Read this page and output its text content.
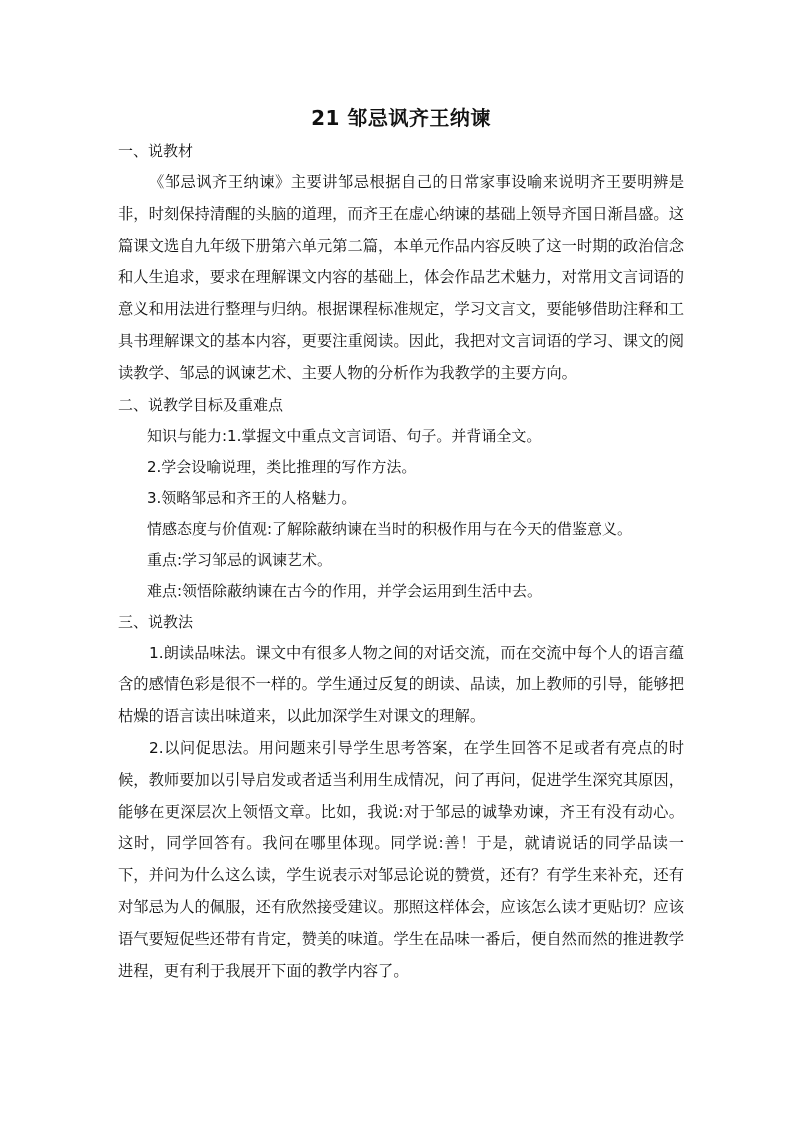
21 邹忌讽齐王纳谏
一、说教材

《邹忌讽齐王纳谏》主要讲邹忌根据自己的日常家事设喻来说明齐王要明辨是非，时刻保持清醒的头脑的道理，而齐王在虚心纳谏的基础上领导齐国日渐昌盛。这篇课文选自九年级下册第六单元第二篇，本单元作品内容反映了这一时期的政治信念和人生追求，要求在理解课文内容的基础上，体会作品艺术魅力，对常用文言词语的意义和用法进行整理与归纳。根据课程标准规定，学习文言文，要能够借助注释和工具书理解课文的基本内容，更要注重阅读。因此，我把对文言词语的学习、课文的阅读教学、邹忌的讽谏艺术、主要人物的分析作为我教学的主要方向。

二、说教学目标及重难点
知识与能力:1.掌握文中重点文言词语、句子。并背诵全文。
2.学会设喻说理，类比推理的写作方法。
3.领略邹忌和齐王的人格魅力。
情感态度与价值观:了解除蔽纳谏在当时的积极作用与在今天的借鉴意义。
重点:学习邹忌的讽谏艺术。
难点:领悟除蔽纳谏在古今的作用，并学会运用到生活中去。
三、说教法

1.朗读品味法。课文中有很多人物之间的对话交流，而在交流中每个人的语言蕴含的感情色彩是很不一样的。学生通过反复的朗读、品读，加上教师的引导，能够把枯燥的语言读出味道来，以此加深学生对课文的理解。

2.以问促思法。用问题来引导学生思考答案，在学生回答不足或者有亮点的时候，教师要加以引导启发或者适当利用生成情况，问了再问，促进学生深究其原因，能够在更深层次上领悟文章。比如，我说:对于邹忌的诚挚劝谏，齐王有没有动心。这时，同学回答有。我问在哪里体现。同学说:善！于是，就请说话的同学品读一下，并问为什么这么读，学生说表示对邹忌论说的赞赏，还有？有学生来补充，还有对邹忌为人的佩服，还有欣然接受建议。那照这样体会，应该怎么读才更贴切？应该语气要短促些还带有肯定，赞美的味道。学生在品味一番后，便自然而然的推进教学进程，更有利于我展开下面的教学内容了。
